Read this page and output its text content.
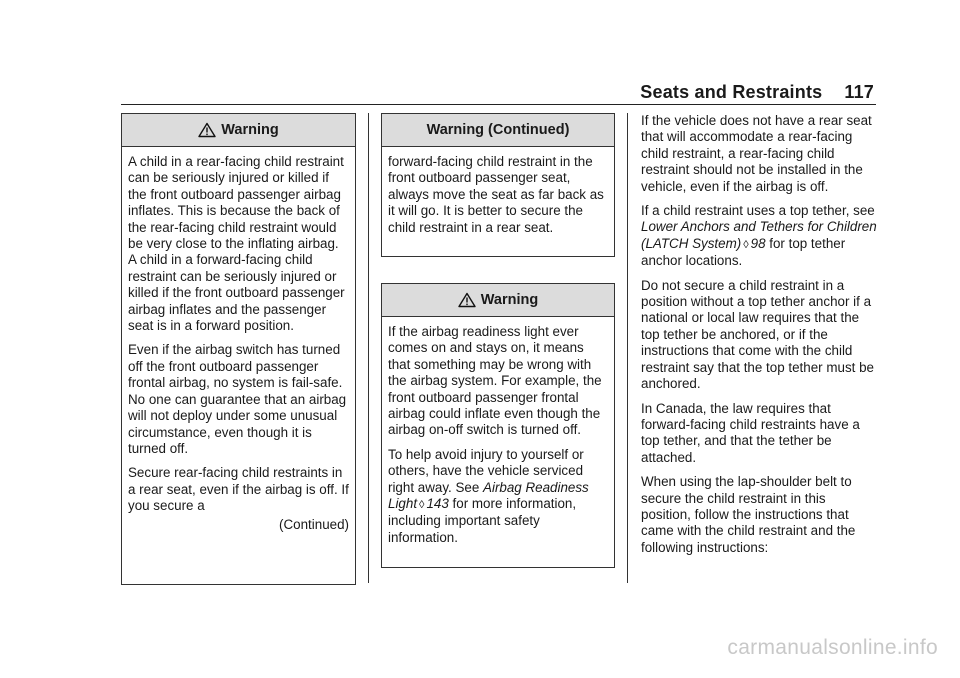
Seats and Restraints 117
Warning

A child in a rear-facing child restraint can be seriously injured or killed if the front outboard passenger airbag inflates. This is because the back of the rear-facing child restraint would be very close to the inflating airbag. A child in a forward-facing child restraint can be seriously injured or killed if the front outboard passenger airbag inflates and the passenger seat is in a forward position.

Even if the airbag switch has turned off the front outboard passenger frontal airbag, no system is fail-safe. No one can guarantee that an airbag will not deploy under some unusual circumstance, even though it is turned off.

Secure rear-facing child restraints in a rear seat, even if the airbag is off. If you secure a

(Continued)
Warning (Continued)

forward-facing child restraint in the front outboard passenger seat, always move the seat as far back as it will go. It is better to secure the child restraint in a rear seat.

Warning

If the airbag readiness light ever comes on and stays on, it means that something may be wrong with the airbag system. For example, the front outboard passenger frontal airbag could inflate even though the airbag on-off switch is turned off.

To help avoid injury to yourself or others, have the vehicle serviced right away. See Airbag Readiness Light ◊ 143 for more information, including important safety information.

If the vehicle does not have a rear seat that will accommodate a rear-facing child restraint, a rear-facing child restraint should not be installed in the vehicle, even if the airbag is off.

If a child restraint uses a top tether, see Lower Anchors and Tethers for Children (LATCH System) ◊ 98 for top tether anchor locations.

Do not secure a child restraint in a position without a top tether anchor if a national or local law requires that the top tether be anchored, or if the instructions that come with the child restraint say that the top tether must be anchored.

In Canada, the law requires that forward-facing child restraints have a top tether, and that the tether be attached.

When using the lap-shoulder belt to secure the child restraint in this position, follow the instructions that came with the child restraint and the following instructions:

carmanualsonline.info
